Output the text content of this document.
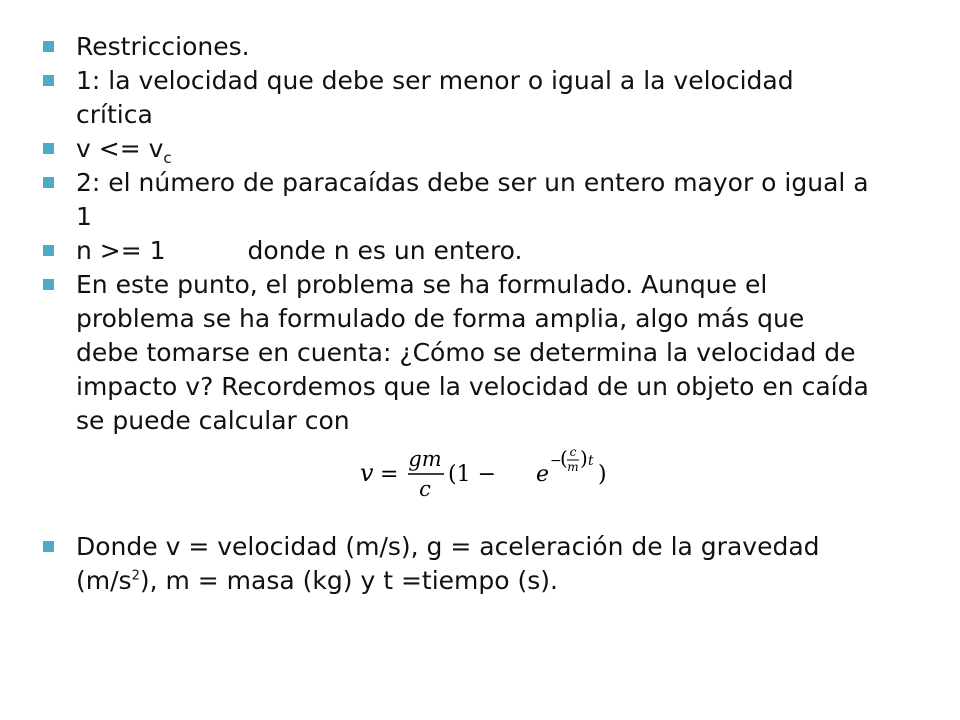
Restricciones.
1: la velocidad que debe ser menor o igual a la velocidad crítica
$v <= v_c$
2: el número de paracaídas debe ser un entero mayor o igual a 1
n >= 1	donde n es un entero.
En este punto, el problema se ha formulado. Aunque el problema se ha formulado de forma amplia, algo más que debe tomarse en cuenta: ¿Cómo se determina la velocidad de impacto v? Recordemos que la velocidad de un objeto en caída se puede calcular con
v =
gm
c
(1 − e
−
( c
m ) t
)
Donde v = velocidad (m/s), g = aceleración de la gravedad $(m/s^2)$, m = masa (kg) y t =tiempo (s).
